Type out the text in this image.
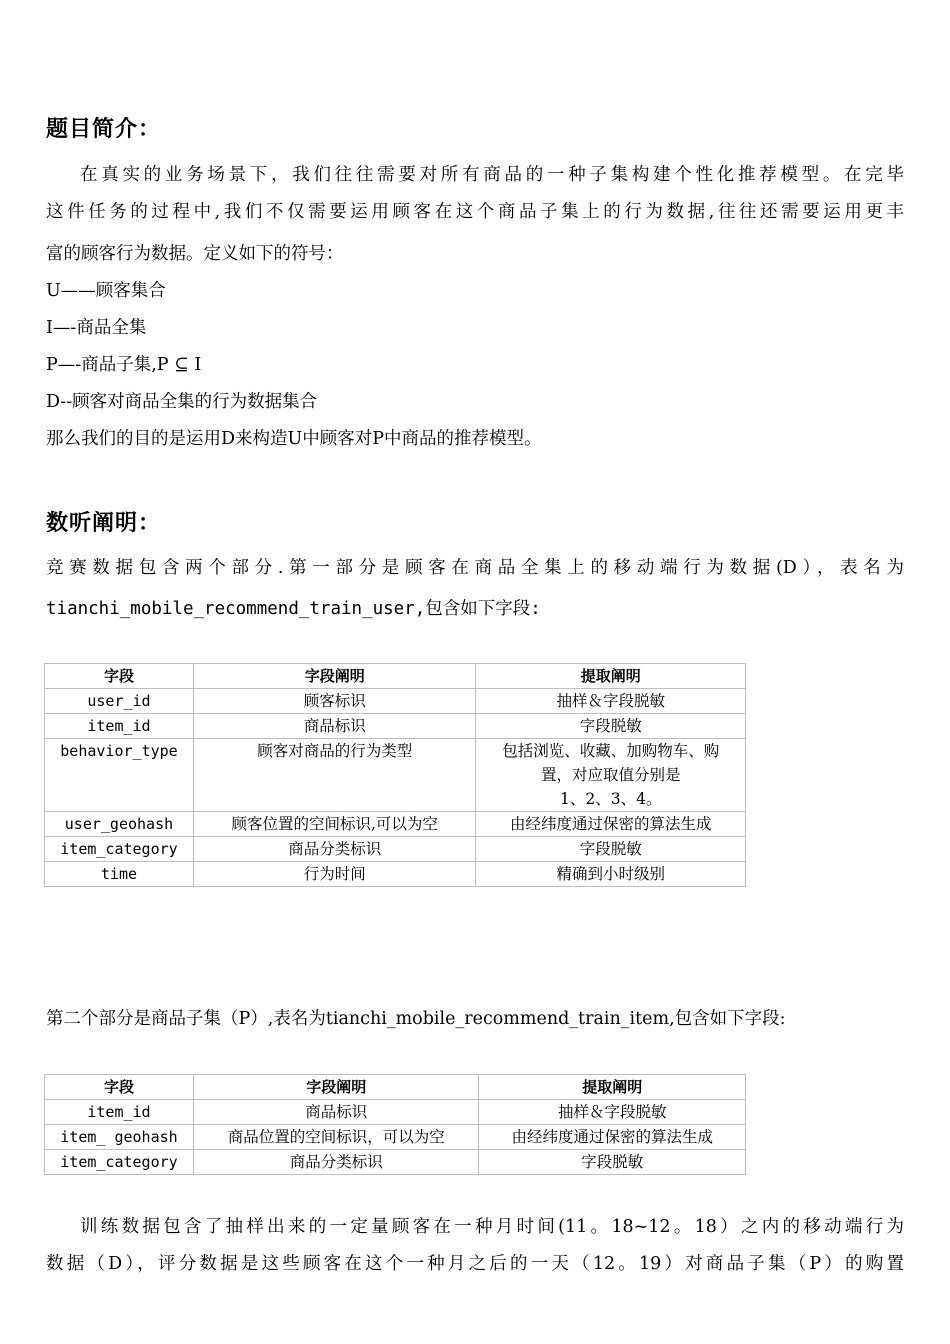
题目简介：
在真实的业务场景下，我们往往需要对所有商品的一种子集构建个性化推荐模型。在完毕
这件任务的过程中,我们不仅需要运用顾客在这个商品子集上的行为数据,往往还需要运用更丰
富的顾客行为数据。定义如下的符号：
U——顾客集合
I—-商品全集
P—-商品子集,P ⊆ I
D--顾客对商品全集的行为数据集合
那么我们的目的是运用D来构造U中顾客对P中商品的推荐模型。
数听阐明：
竞赛数据包含两个部分.第一部分是顾客在商品全集上的移动端行为数据(D），表名为
tianchi_mobile_recommend_train_user,包含如下字段:
字段	字段阐明	提取阐明
user_id	顾客标识	抽样＆字段脱敏
item_id	商品标识	字段脱敏
behavior_type	顾客对商品的行为类型	包括浏览、收藏、加购物车、购
置，对应取值分别是
1、2、3、4。

user_geohash	顾客位置的空间标识,可以为空	由经纬度通过保密的算法生成
item_category	商品分类标识	字段脱敏
time	行为时间	精确到小时级别
第二个部分是商品子集（P）,表名为tianchi_mobile_recommend_train_item,包含如下字段:
字段	字段阐明	提取阐明
item_id	商品标识	抽样＆字段脱敏
item_ geohash	商品位置的空间标识，可以为空	由经纬度通过保密的算法生成
item_category	商品分类标识	字段脱敏
训练数据包含了抽样出来的一定量顾客在一种月时间(11。18~12。18）之内的移动端行为
数据（D），评分数据是这些顾客在这个一种月之后的一天（12。19）对商品子集（P）的购置
